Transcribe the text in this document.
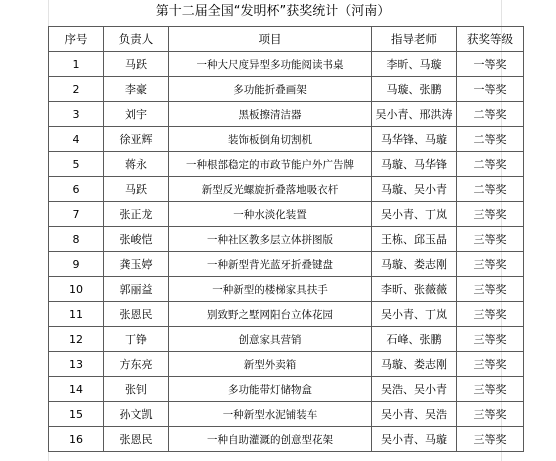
第十二届全国“发明杯”获奖统计（河南）
序号	负责人	项目	指导老师	获奖等级
1	马跃	一种大尺度异型多功能阅读书桌	李昕、马璇	一等奖
2	李豪	多功能折叠画架	马璇、张鹏	一等奖
3	刘宇	黑板擦清洁器	吴小青、邢洪涛	二等奖
4	徐亚辉	装饰板倒角切割机	马华锋、马璇	二等奖
5	蒋永	一种根部稳定的市政节能户外广告牌	马璇、马华锋	二等奖
6	马跃	新型反光螺旋折叠落地吸衣杆	马璇、吴小青	二等奖
7	张正龙	一种水淡化装置	吴小青、丁岚	三等奖
8	张峻恺	一种社区教多层立体拼图版	王栋、邱玉晶	三等奖
9	龚玉婷	一种新型背光蓝牙折叠键盘	马璇、娄志刚	三等奖
10	郭丽益	一种新型的楼梯家具扶手	李昕、张薇薇	三等奖
11	张恩民	别致野之墅网阳台立体花园	吴小青、丁岚	三等奖
12	丁铮	创意家具营销	石峰、张鹏	三等奖
13	方东亮	新型外卖箱	马璇、娄志刚	三等奖
14	张钊	多功能带灯储物盒	吴浩、吴小青	三等奖
15	孙文凯	一种新型水泥铺装车	吴小青、吴浩	三等奖
16	张恩民	一种自助灌溉的创意型花架	吴小青、马璇	三等奖
